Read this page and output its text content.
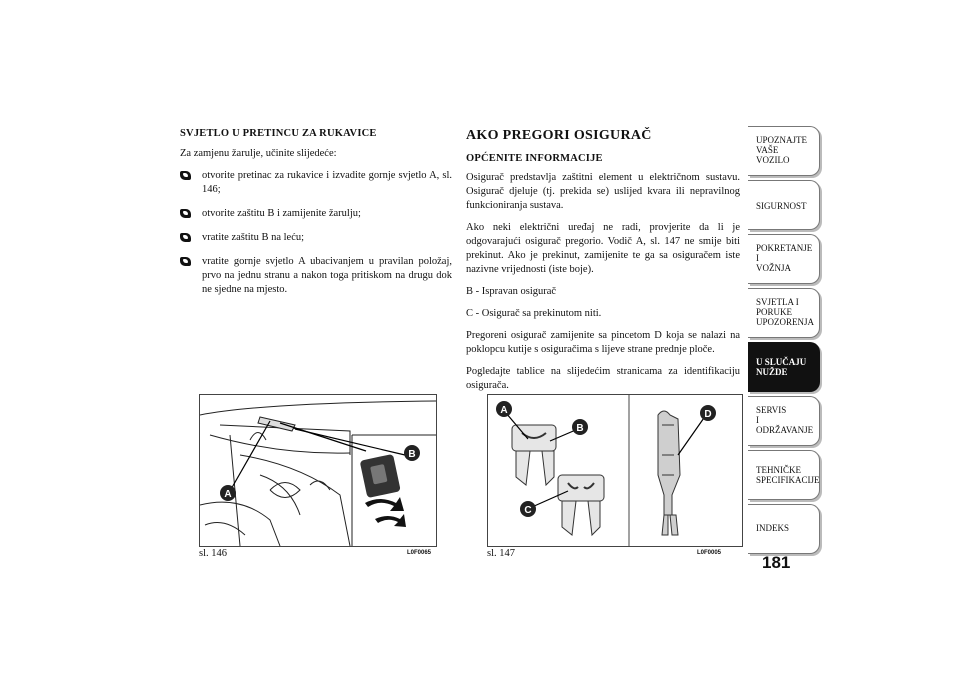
SVJETLO U PRETINCU ZA RUKAVICE

Za zamjenu žarulje, učinite slijedeće:

otvorite pretinac za rukavice i izvadite gornje svjetlo A, sl. 146;
otvorite zaštitu B i zamijenite žarulju;
vratite zaštitu B na leću;
vratite gornje svjetlo A ubacivanjem u pravilan položaj, prvo na jednu stranu a nakon toga pritiskom na drugu dok ne sjedne na mjesto.
AKO PREGORI OSIGURAČ
OPĆENITE INFORMACIJE

Osigurač predstavlja zaštitni element u električnom sustavu. Osigurač djeluje (tj. prekida se) uslijed kvara ili nepravilnog funkcioniranja sustava.

Ako neki električni uređaj ne radi, provjerite da li je odgovarajući osigurač pregorio. Vodič A, sl. 147 ne smije biti prekinut. Ako je prekinut, zamijenite te ga sa osiguračem iste nazivne vrijednosti (iste boje).

B - Ispravan osigurač

C - Osigurač sa prekinutom niti.

Pregoreni osigurač zamijenite sa pincetom D koja se nalazi na poklopcu kutije s osiguračima s lijeve strane prednje ploče.

Pogledajte tablice na slijedećim stranicama za identifikaciju osigurača.

B
A
sl. 146	L0F0065
A
B
C
D
sl. 147	L0F0005
UPOZNAJTE
VAŠE
VOZILO
SIGURNOST
POKRETANJE
I
VOŽNJA
SVJETLA I
PORUKE
UPOZORENJA
U SLUČAJU
NUŽDE
SERVIS
I
ODRŽAVANJE
TEHNIČKE
SPECIFIKACIJE
INDEKS
181
